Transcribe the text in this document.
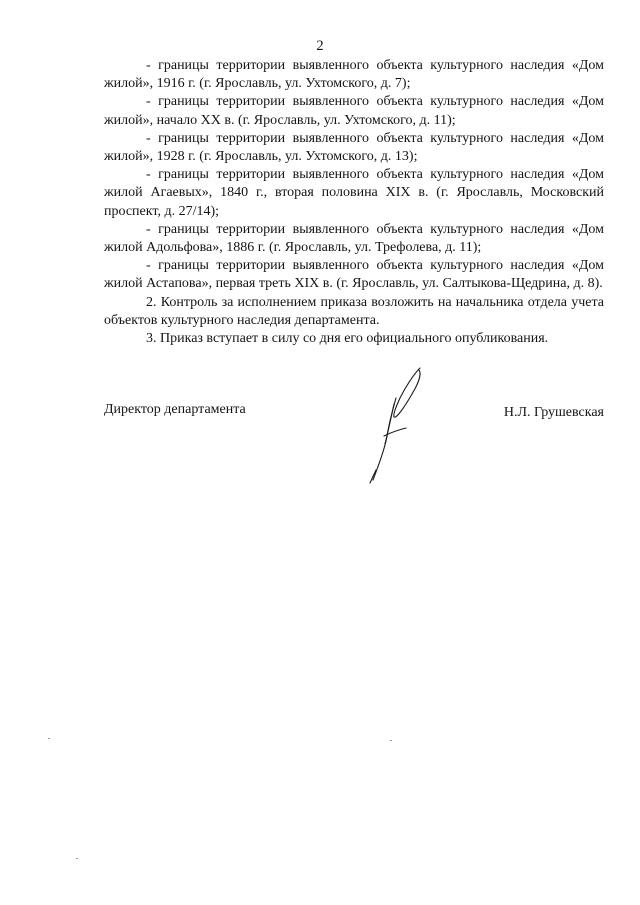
2

- границы территории выявленного объекта культурного наследия «Дом жилой», 1916 г. (г. Ярославль, ул. Ухтомского, д. 7);

- границы территории выявленного объекта культурного наследия «Дом жилой», начало XX в. (г. Ярославль, ул. Ухтомского, д. 11);

- границы территории выявленного объекта культурного наследия «Дом жилой», 1928 г. (г. Ярославль, ул. Ухтомского, д. 13);

- границы территории выявленного объекта культурного наследия «Дом жилой Агаевых», 1840 г., вторая половина XIX в. (г. Ярославль, Московский проспект, д. 27/14);

- границы территории выявленного объекта культурного наследия «Дом жилой Адольфова», 1886 г. (г. Ярославль, ул. Трефолева, д. 11);

- границы территории выявленного объекта культурного наследия «Дом жилой Астапова», первая треть XIX в. (г. Ярославль, ул. Салтыкова-Щедрина, д. 8).

2. Контроль за исполнением приказа возложить на начальника отдела учета объектов культурного наследия департамента.

3. Приказ вступает в силу со дня его официального опубликования.

Директор департамента	Н.Л. Грушевская
